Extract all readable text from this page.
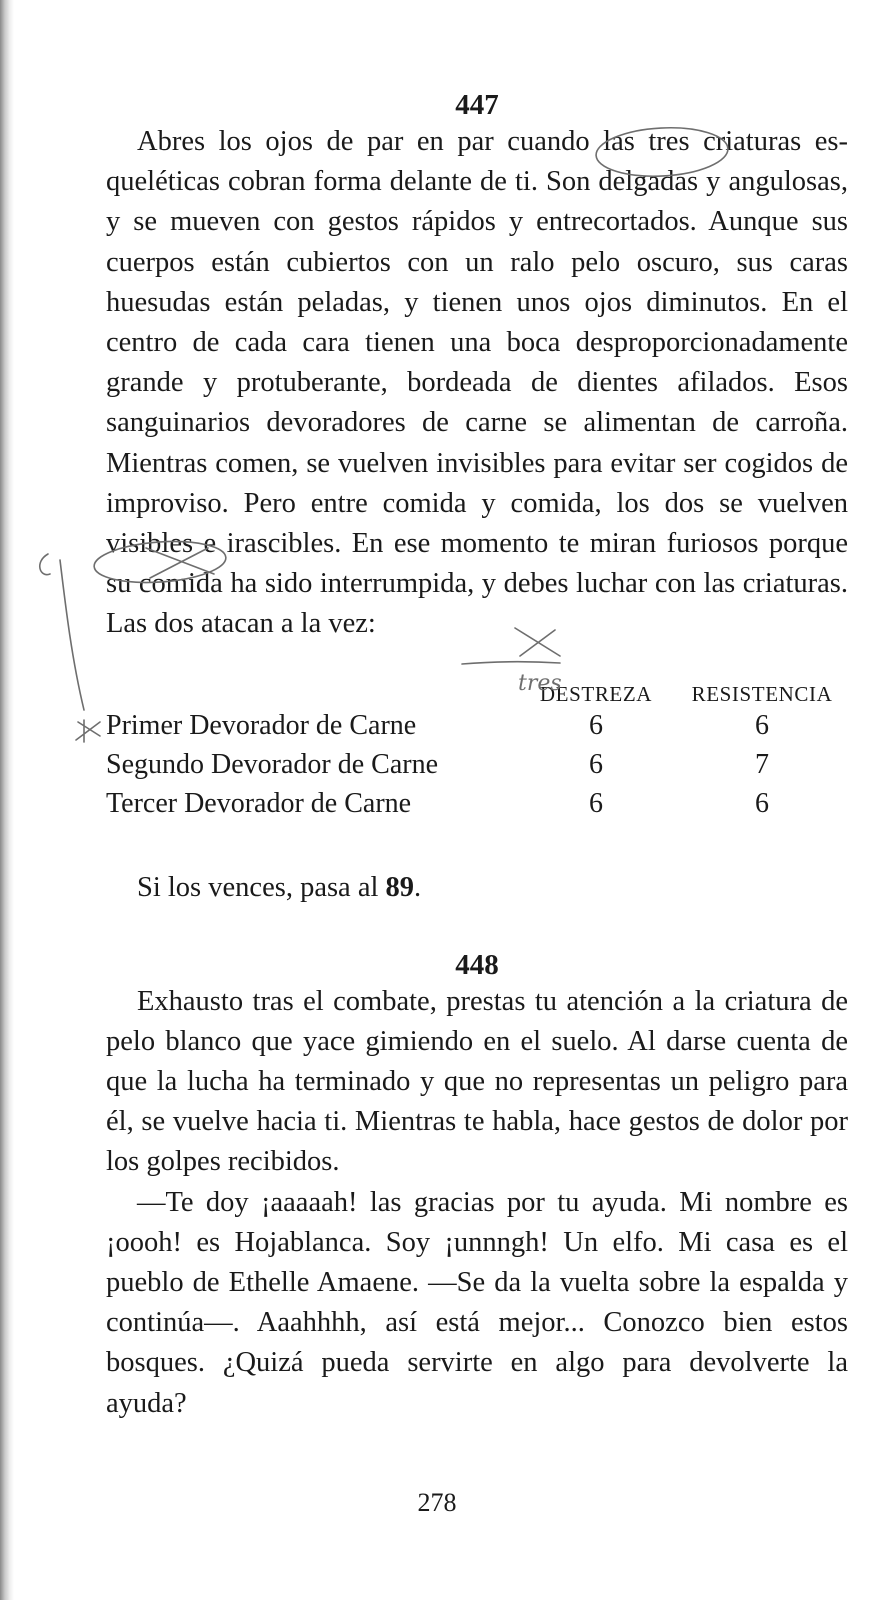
447

Abres los ojos de par en par cuando las tres criaturas esqueléticas cobran forma delante de ti. Son delgadas y angulosas, y se mueven con gestos rápidos y entrecortados. Aunque sus cuerpos están cubiertos con un ralo pelo oscuro, sus caras huesudas están peladas, y tienen unos ojos diminutos. En el centro de cada cara tienen una boca desproporcionadamente grande y protuberante, bordeada de dientes afilados. Esos sanguinarios devoradores de carne se alimentan de carroña. Mientras comen, se vuelven invisibles para evitar ser cogidos de improviso. Pero entre comida y comida, los dos se vuelven visibles e irascibles. En ese momento te miran furiosos porque su comida ha sido interrumpida, y debes luchar con las criaturas. Las dos atacan a la vez:

	DESTREZA	RESISTENCIA
Primer Devorador de Carne	6	6
Segundo Devorador de Carne	6	7
Tercer Devorador de Carne	6	6

Si los vences, pasa al 89.

448

Exhausto tras el combate, prestas tu atención a la criatura de pelo blanco que yace gimiendo en el suelo. Al darse cuenta de que la lucha ha terminado y que no representas un peligro para él, se vuelve hacia ti. Mientras te habla, hace gestos de dolor por los golpes recibidos.

—Te doy ¡aaaaah! las gracias por tu ayuda. Mi nombre es ¡oooh! es Hojablanca. Soy ¡unnngh! Un elfo. Mi casa es el pueblo de Ethelle Amaene. —Se da la vuelta sobre la espalda y continúa—. Aaahhhh, así está mejor... Conozco bien estos bosques. ¿Quizá pueda servirte en algo para devolverte la ayuda?

278
tres
